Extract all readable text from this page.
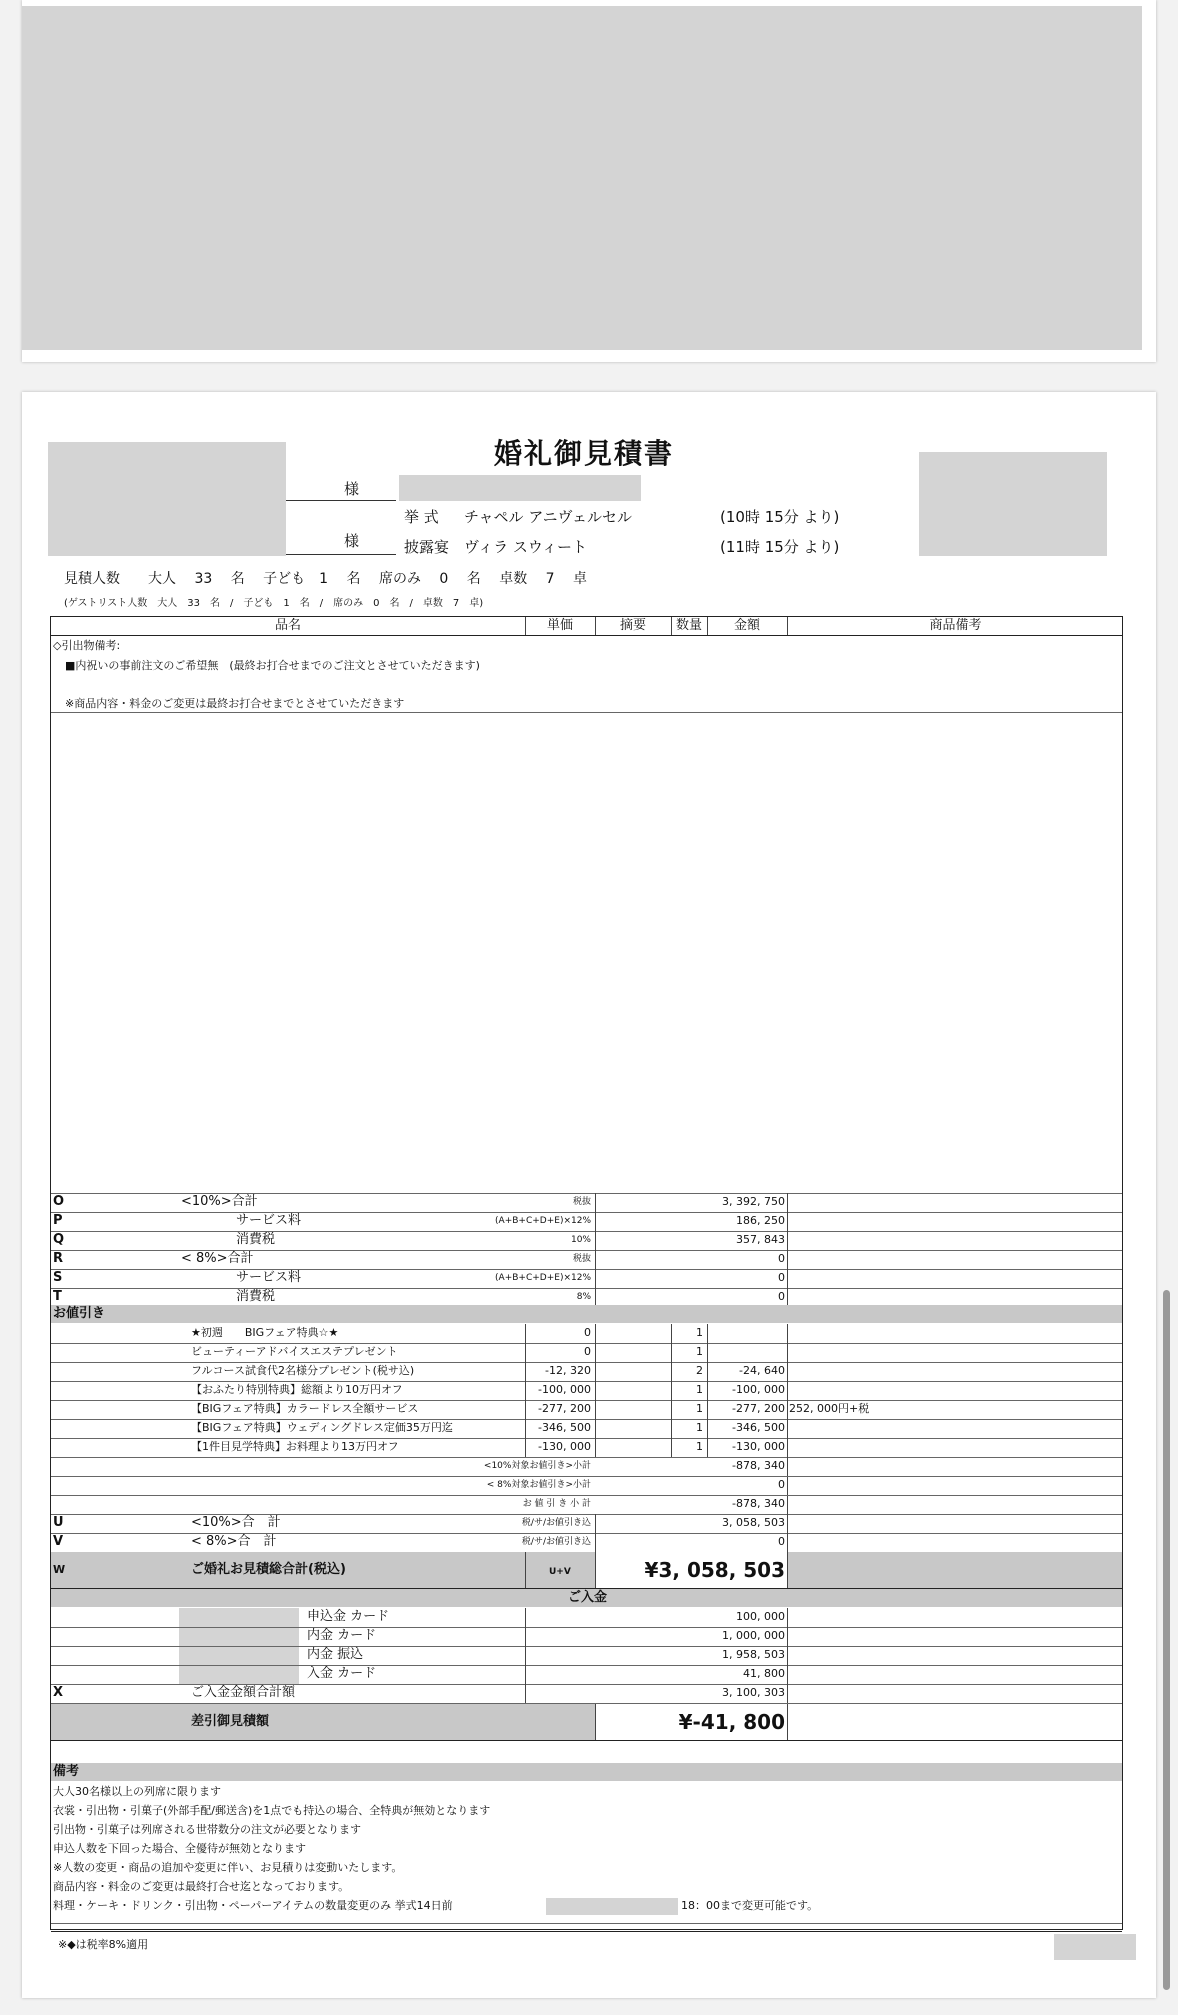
婚礼御見積書
様
様
挙 式 チャペル アニヴェルセル	(10時 15分 より)
披露宴 ヴィラ スウィート	(11時 15分 より)
見積人数　　大人　 33　 名　 子ども　1　 名　 席のみ　 0　 名　 卓数　 7　 卓
(ゲストリスト人数　大人　33　名　/　子ども　1　名　/　席のみ　0　名　/　卓数　7　卓)
品名	単価	摘要	数量	金額	商品備考
◇引出物備考:
■内祝いの事前注文のご希望無　(最終お打合せまでのご注文とさせていただきます)
※商品内容・料金のご変更は最終お打合せまでとさせていただきます
O	<10%>合計	税抜	3, 392, 750
P	サービス料	(A+B+C+D+E)×12%	186, 250
Q	消費税	10%	357, 843
R	< 8%>合計	税抜	0
S	サービス料	(A+B+C+D+E)×12%	0
T	消費税	8%	0
お値引き
★初週　　BIGフェア特典☆★	0	1
ビューティーアドバイスエステプレゼント	0	1
フルコース試食代2名様分プレゼント(税サ込)	-12, 320	2	-24, 640
【おふたり特別特典】総額より10万円オフ	-100, 000	1	-100, 000
【BIGフェア特典】カラードレス全額サービス	-277, 200	1	-277, 200 252, 000円+税
【BIGフェア特典】ウェディングドレス定価35万円迄	-346, 500	1	-346, 500
【1件目見学特典】お料理より13万円オフ	-130, 000	1	-130, 000
<10%対象お値引き>小計	-878, 340
< 8%対象お値引き>小計	0
お 値 引 き 小 計	-878, 340
U	<10%>合　計	税/サ/お値引き込	3, 058, 503
V	< 8%>合　計	税/サ/お値引き込	0
W	ご婚礼お見積総合計(税込)	U+V	¥3, 058, 503
ご入金
申込金 カード	100, 000
内金 カード	1, 000, 000
内金 振込	1, 958, 503
入金 カード	41, 800
X	ご入金金額合計額	3, 100, 303
差引御見積額	¥-41, 800
備考
大人30名様以上の列席に限ります
衣裳・引出物・引菓子(外部手配/郵送含)を1点でも持込の場合、全特典が無効となります
引出物・引菓子は列席される世帯数分の注文が必要となります
申込人数を下回った場合、全優待が無効となります
※人数の変更・商品の追加や変更に伴い、お見積りは変動いたします。
商品内容・料金のご変更は最終打合せ迄となっております。
料理・ケーキ・ドリンク・引出物・ペーパーアイテムの数量変更のみ 挙式14日前	18：00まで変更可能です。
※◆は税率8%適用
